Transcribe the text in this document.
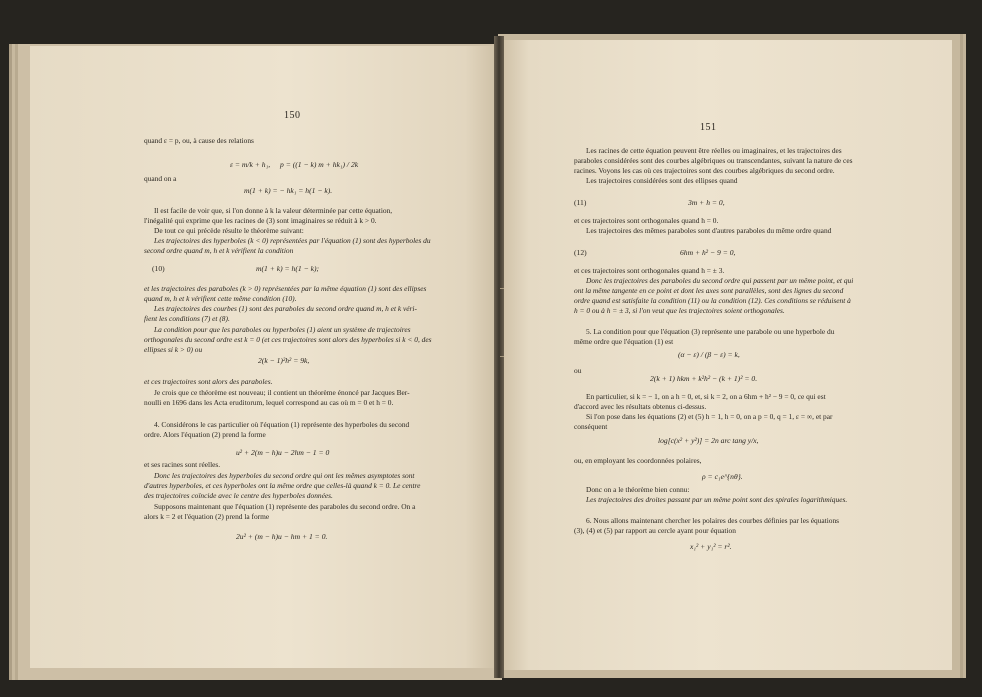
150
quand ε = p, ou, à cause des relations
ε = m/k + h₁, p = ((1 − k) m + hk₁) / 2k
quand on a
m(1 + k) = − hk₁ = h(1 − k).
Il est facile de voir que, si l'on donne à k la valeur déterminée par cette équation,
l'inégalité qui exprime que les racines de (3) sont imaginaires se réduit à k > 0.
De tout ce qui précède résulte le théorème suivant:
Les trajectoires des hyperboles (k < 0) représentées par l'équation (1) sont des hyperboles du
second ordre quand m, h et k vérifient la condition
(10)	m(1 + k) = h(1 − k);
et les trajectoires des paraboles (k > 0) représentées par la même équation (1) sont des ellipses
quand m, h et k vérifient cette même condition (10).
Les trajectoires des courbes (1) sont des paraboles du second ordre quand m, h et k véri-
fient les conditions (7) et (8).
La condition pour que les paraboles ou hyperboles (1) aient un système de trajectoires
orthogonales du second ordre est k = 0 (et ces trajectoires sont alors des hyperboles si k < 0, des
ellipses si k > 0) ou
2(k − 1)²h² = 9k,
et ces trajectoires sont alors des paraboles.
Je crois que ce théorème est nouveau; il contient un théorème énoncé par Jacques Ber-
noulli en 1696 dans les Acta eruditorum, lequel correspond au cas où m = 0 et h = 0.
4. Considérons le cas particulier où l'équation (1) représente des hyperboles du second
ordre. Alors l'équation (2) prend la forme
u² + 2(m − h)u − 2hm − 1 = 0
et ses racines sont réelles.
Donc les trajectoires des hyperboles du second ordre qui ont les mêmes asymptotes sont
d'autres hyperboles, et ces hyperboles ont la même ordre que celles-là quand k = 0. Le centre
des trajectoires coïncide avec le centre des hyperboles données.
Supposons maintenant que l'équation (1) représente des paraboles du second ordre. On a
alors k = 2 et l'équation (2) prend la forme
2u² + (m − h)u − hm + 1 = 0.
151
Les racines de cette équation peuvent être réelles ou imaginaires, et les trajectoires des
paraboles considérées sont des courbes algébriques ou transcendantes, suivant la nature de ces
racines. Voyons les cas où ces trajectoires sont des courbes algébriques du second ordre.
Les trajectoires considérées sont des ellipses quand
(11)	3m + h = 0,
et ces trajectoires sont orthogonales quand h = 0.
Les trajectoires des mêmes paraboles sont d'autres paraboles du même ordre quand
(12)	6hm + h² − 9 = 0,
et ces trajectoires sont orthogonales quand h = ± 3.
Donc les trajectoires des paraboles du second ordre qui passent par un même point, et qui
ont la même tangente en ce point et dont les axes sont parallèles, sont des lignes du second
ordre quand est satisfaite la condition (11) ou la condition (12). Ces conditions se réduisent à
h = 0 ou à h = ± 3, si l'on veut que les trajectoires soient orthogonales.
5. La condition pour que l'équation (3) représente une parabole ou une hyperbole du
même ordre que l'équation (1) est
(α − ε) / (β − ε) = k,
ou
2(k + 1) hkm + k²h² − (k + 1)² = 0.
En particulier, si k = − 1, on a h = 0, et, si k = 2, on a 6hm + h² − 9 = 0, ce qui est
d'accord avec les résultats obtenus ci-dessus.
Si l'on pose dans les équations (2) et (5) h = 1, h = 0, on a p = 0, q = 1, ε = ∞, et par
conséquent
log[c(x² + y²)] = 2n arc tang y/x,
ou, en employant les coordonnées polaires,
ρ = c₁e^{nθ}.
Donc on a le théorème bien connu:
Les trajectoires des droites passant par un même point sont des spirales logarithmiques.
6. Nous allons maintenant chercher les polaires des courbes définies par les équations
(3), (4) et (5) par rapport au cercle ayant pour équation
x₁² + y₁² = r².
